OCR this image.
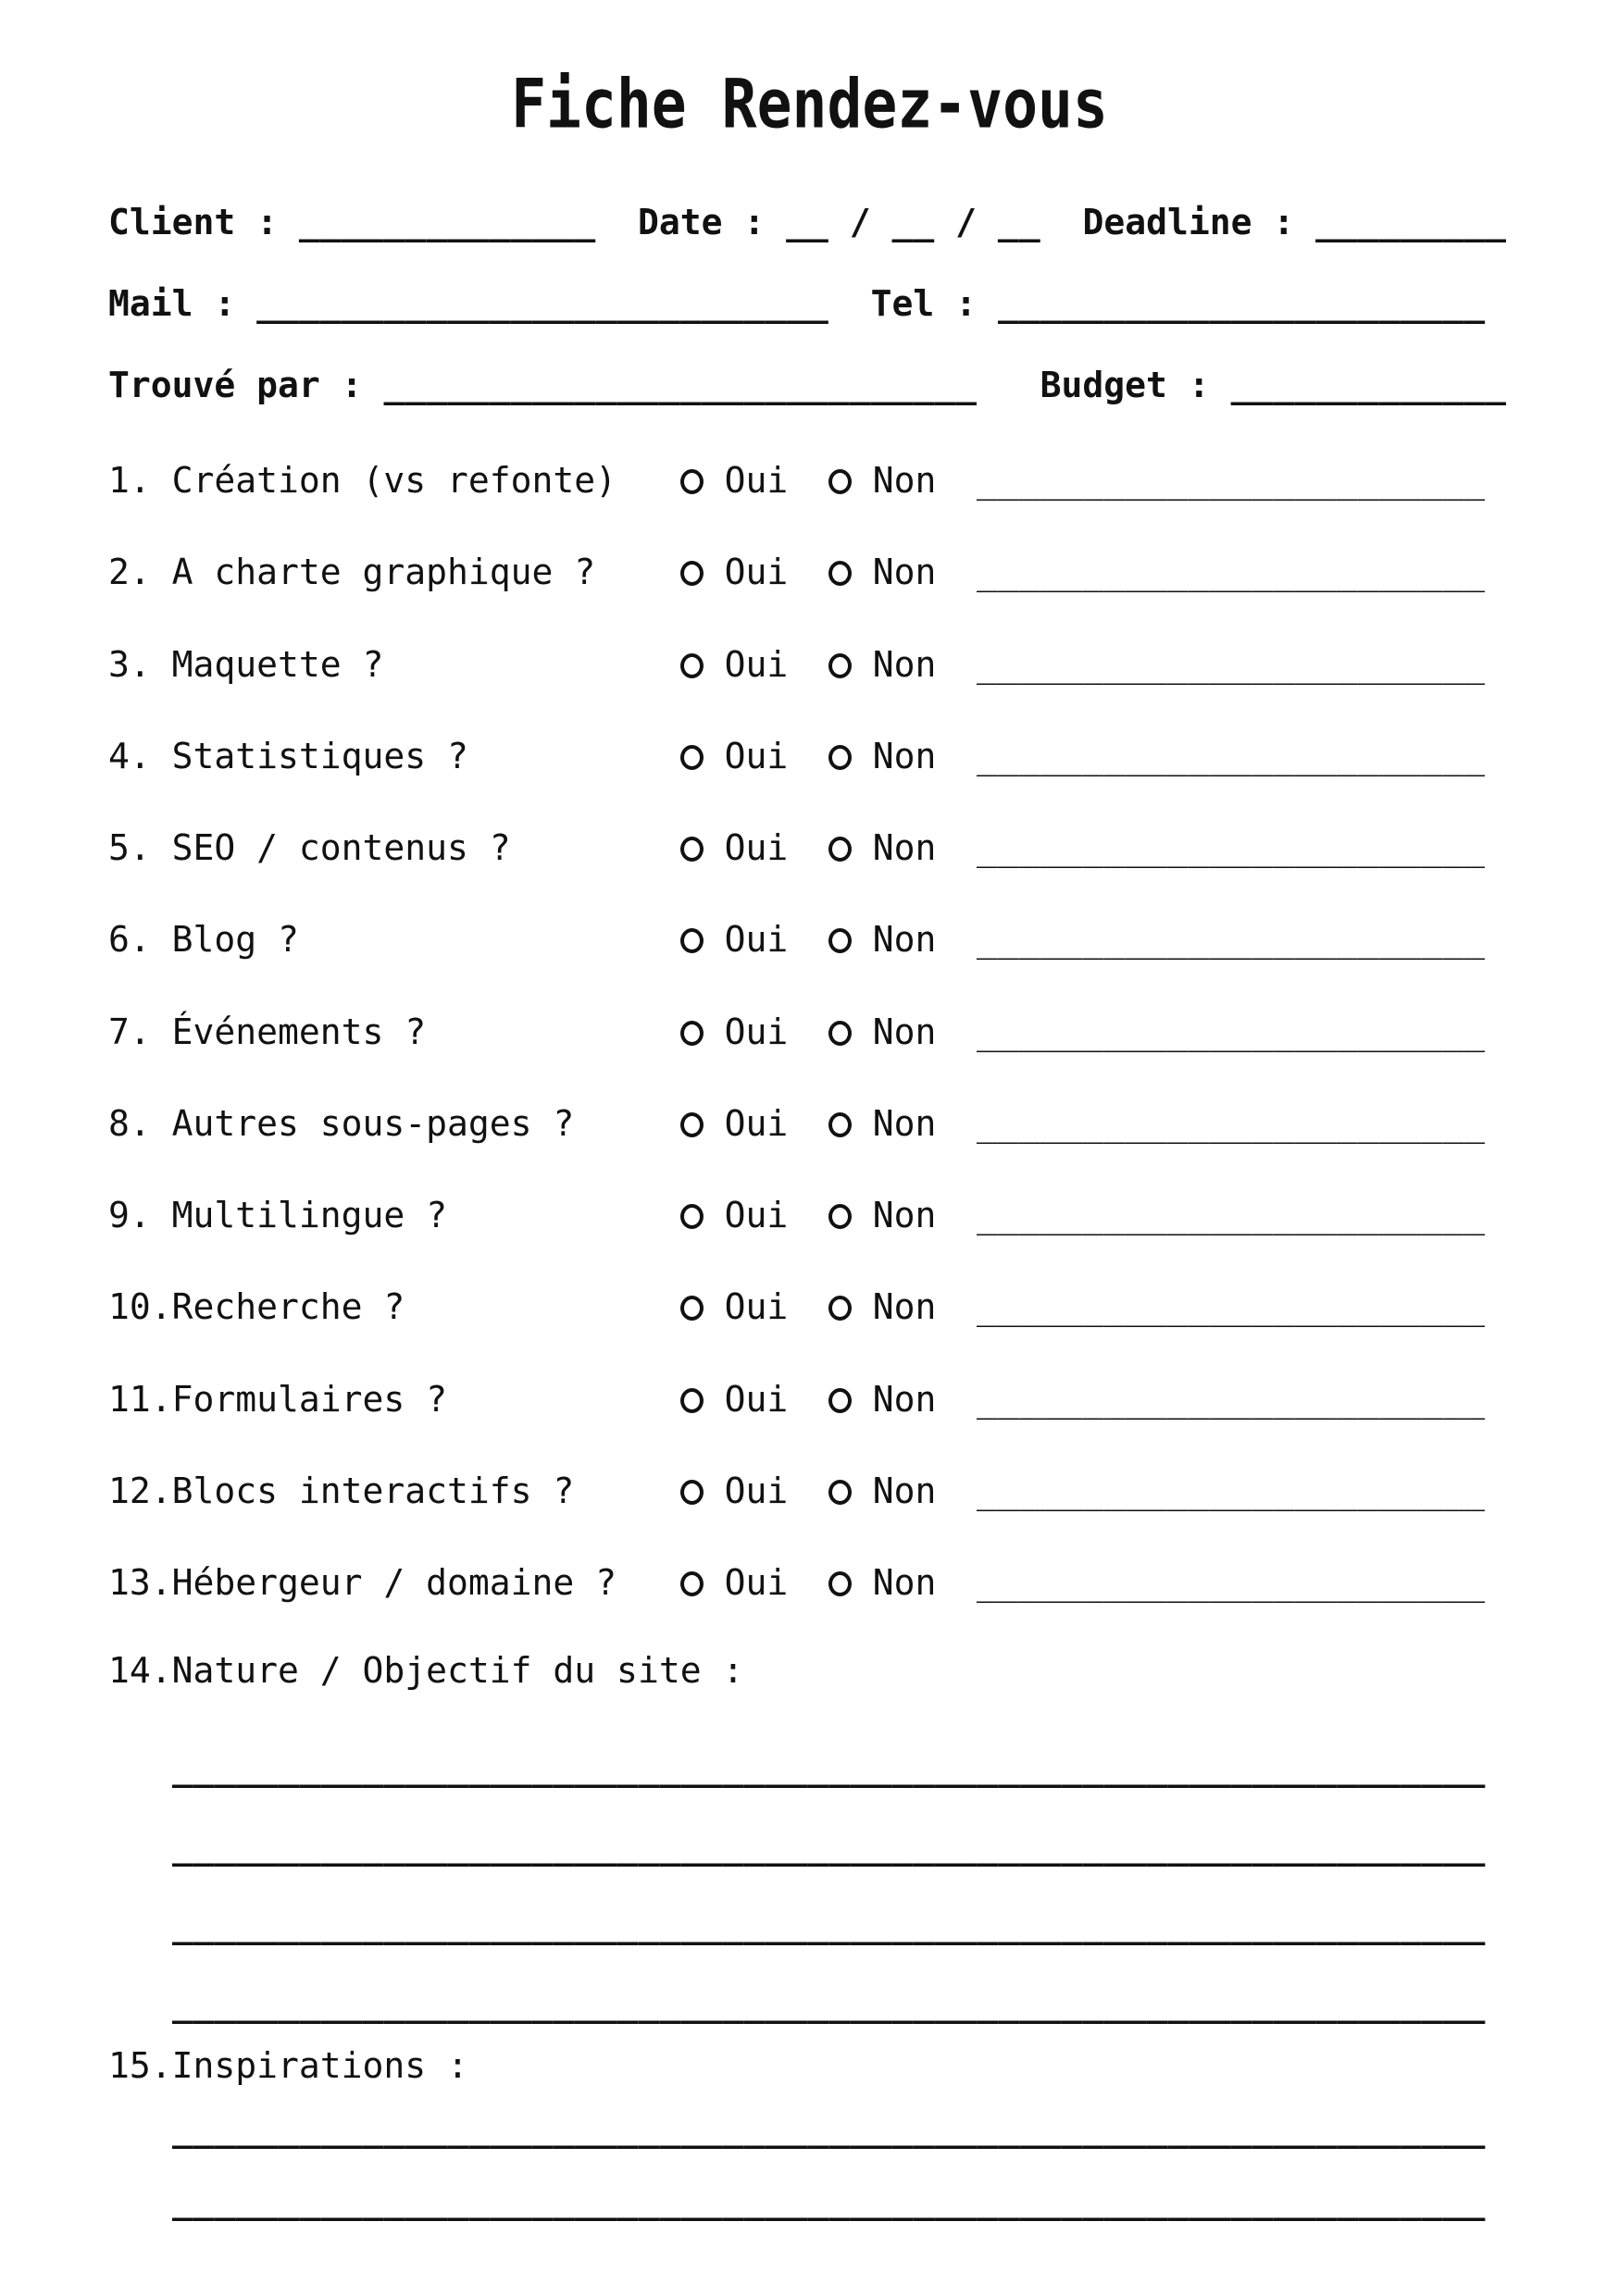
Fiche Rendez-vous
Client : ______________ Date : __ / __ / __ Deadline : _________
Mail : ___________________________ Tel : _______________________
Trouvé par : ____________________________ Budget : _____________
1. Création (vs refonte)	Oui	Non	________________________
2. A charte graphique ?	Oui	Non	________________________
3. Maquette ?	Oui	Non	________________________
4. Statistiques ?	Oui	Non	________________________
5. SEO / contenus ?	Oui	Non	________________________
6. Blog ?	Oui	Non	________________________
7. Événements ?	Oui	Non	________________________
8. Autres sous-pages ?	Oui	Non	________________________
9. Multilingue ?	Oui	Non	________________________
10. Recherche ?	Oui	Non	________________________
11. Formulaires ?	Oui	Non	________________________
12. Blocs interactifs ?	Oui	Non	________________________
13. Hébergeur / domaine ?	Oui	Non	________________________
14. Nature / Objectif du site :
______________________________________________________________
______________________________________________________________
______________________________________________________________
______________________________________________________________
15. Inspirations :
______________________________________________________________
______________________________________________________________
